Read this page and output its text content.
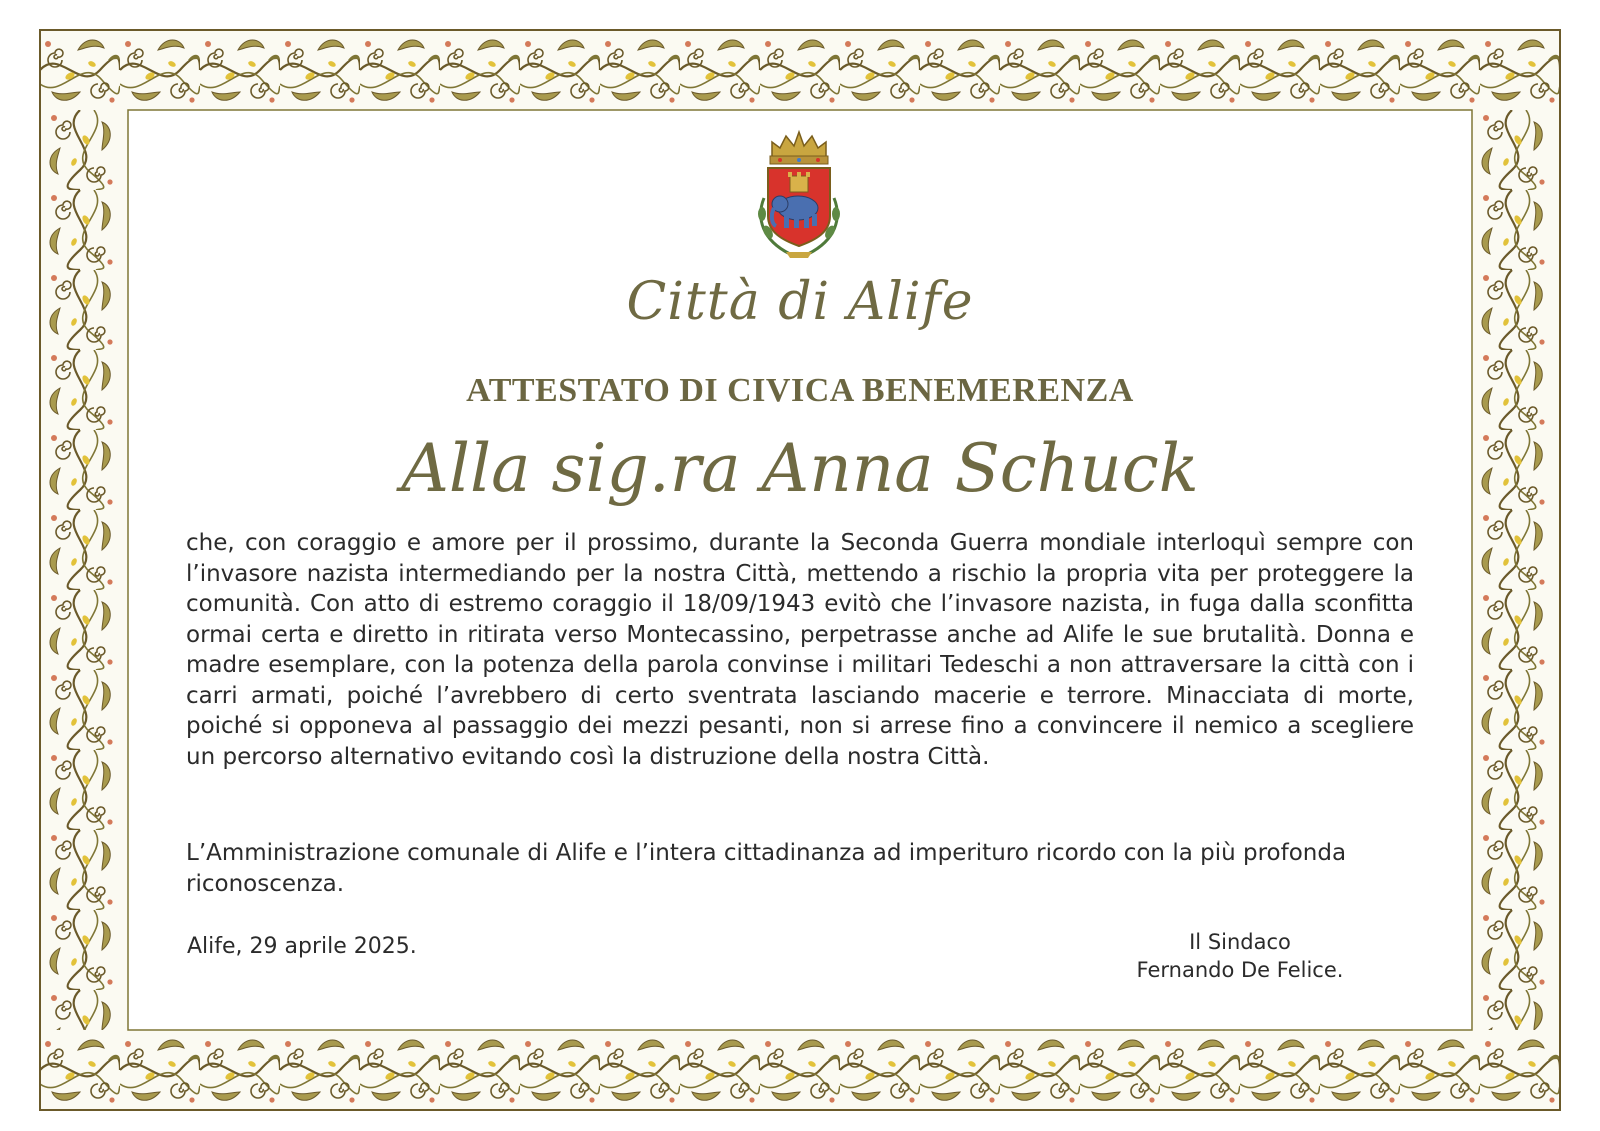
Città di Alife
ATTESTATO DI CIVICA BENEMERENZA
Alla sig.ra Anna Schuck

che, con coraggio e amore per il prossimo, durante la Seconda Guerra mondiale interloquì sempre con l’invasore nazista intermediando per la nostra Città, mettendo a rischio la propria vita per proteggere la comunità. Con atto di estremo coraggio il 18/09/1943 evitò che l’invasore nazista, in fuga dalla sconfitta ormai certa e diretto in ritirata verso Montecassino, perpetrasse anche ad Alife le sue brutalità. Donna e madre esemplare, con la potenza della parola convinse i militari Tedeschi a non attraversare la città con i carri armati, poiché l’avrebbero di certo sventrata lasciando macerie e terrore. Minacciata di morte, poiché si opponeva al passaggio dei mezzi pesanti, non si arrese fino a convincere il nemico a scegliere un percorso alternativo evitando così la distruzione della nostra Città.

L’Amministrazione comunale di Alife e l’intera cittadinanza ad imperituro ricordo con la più profonda riconoscenza.

Alife, 29 aprile 2025.	Il Sindaco
Fernando De Felice.
